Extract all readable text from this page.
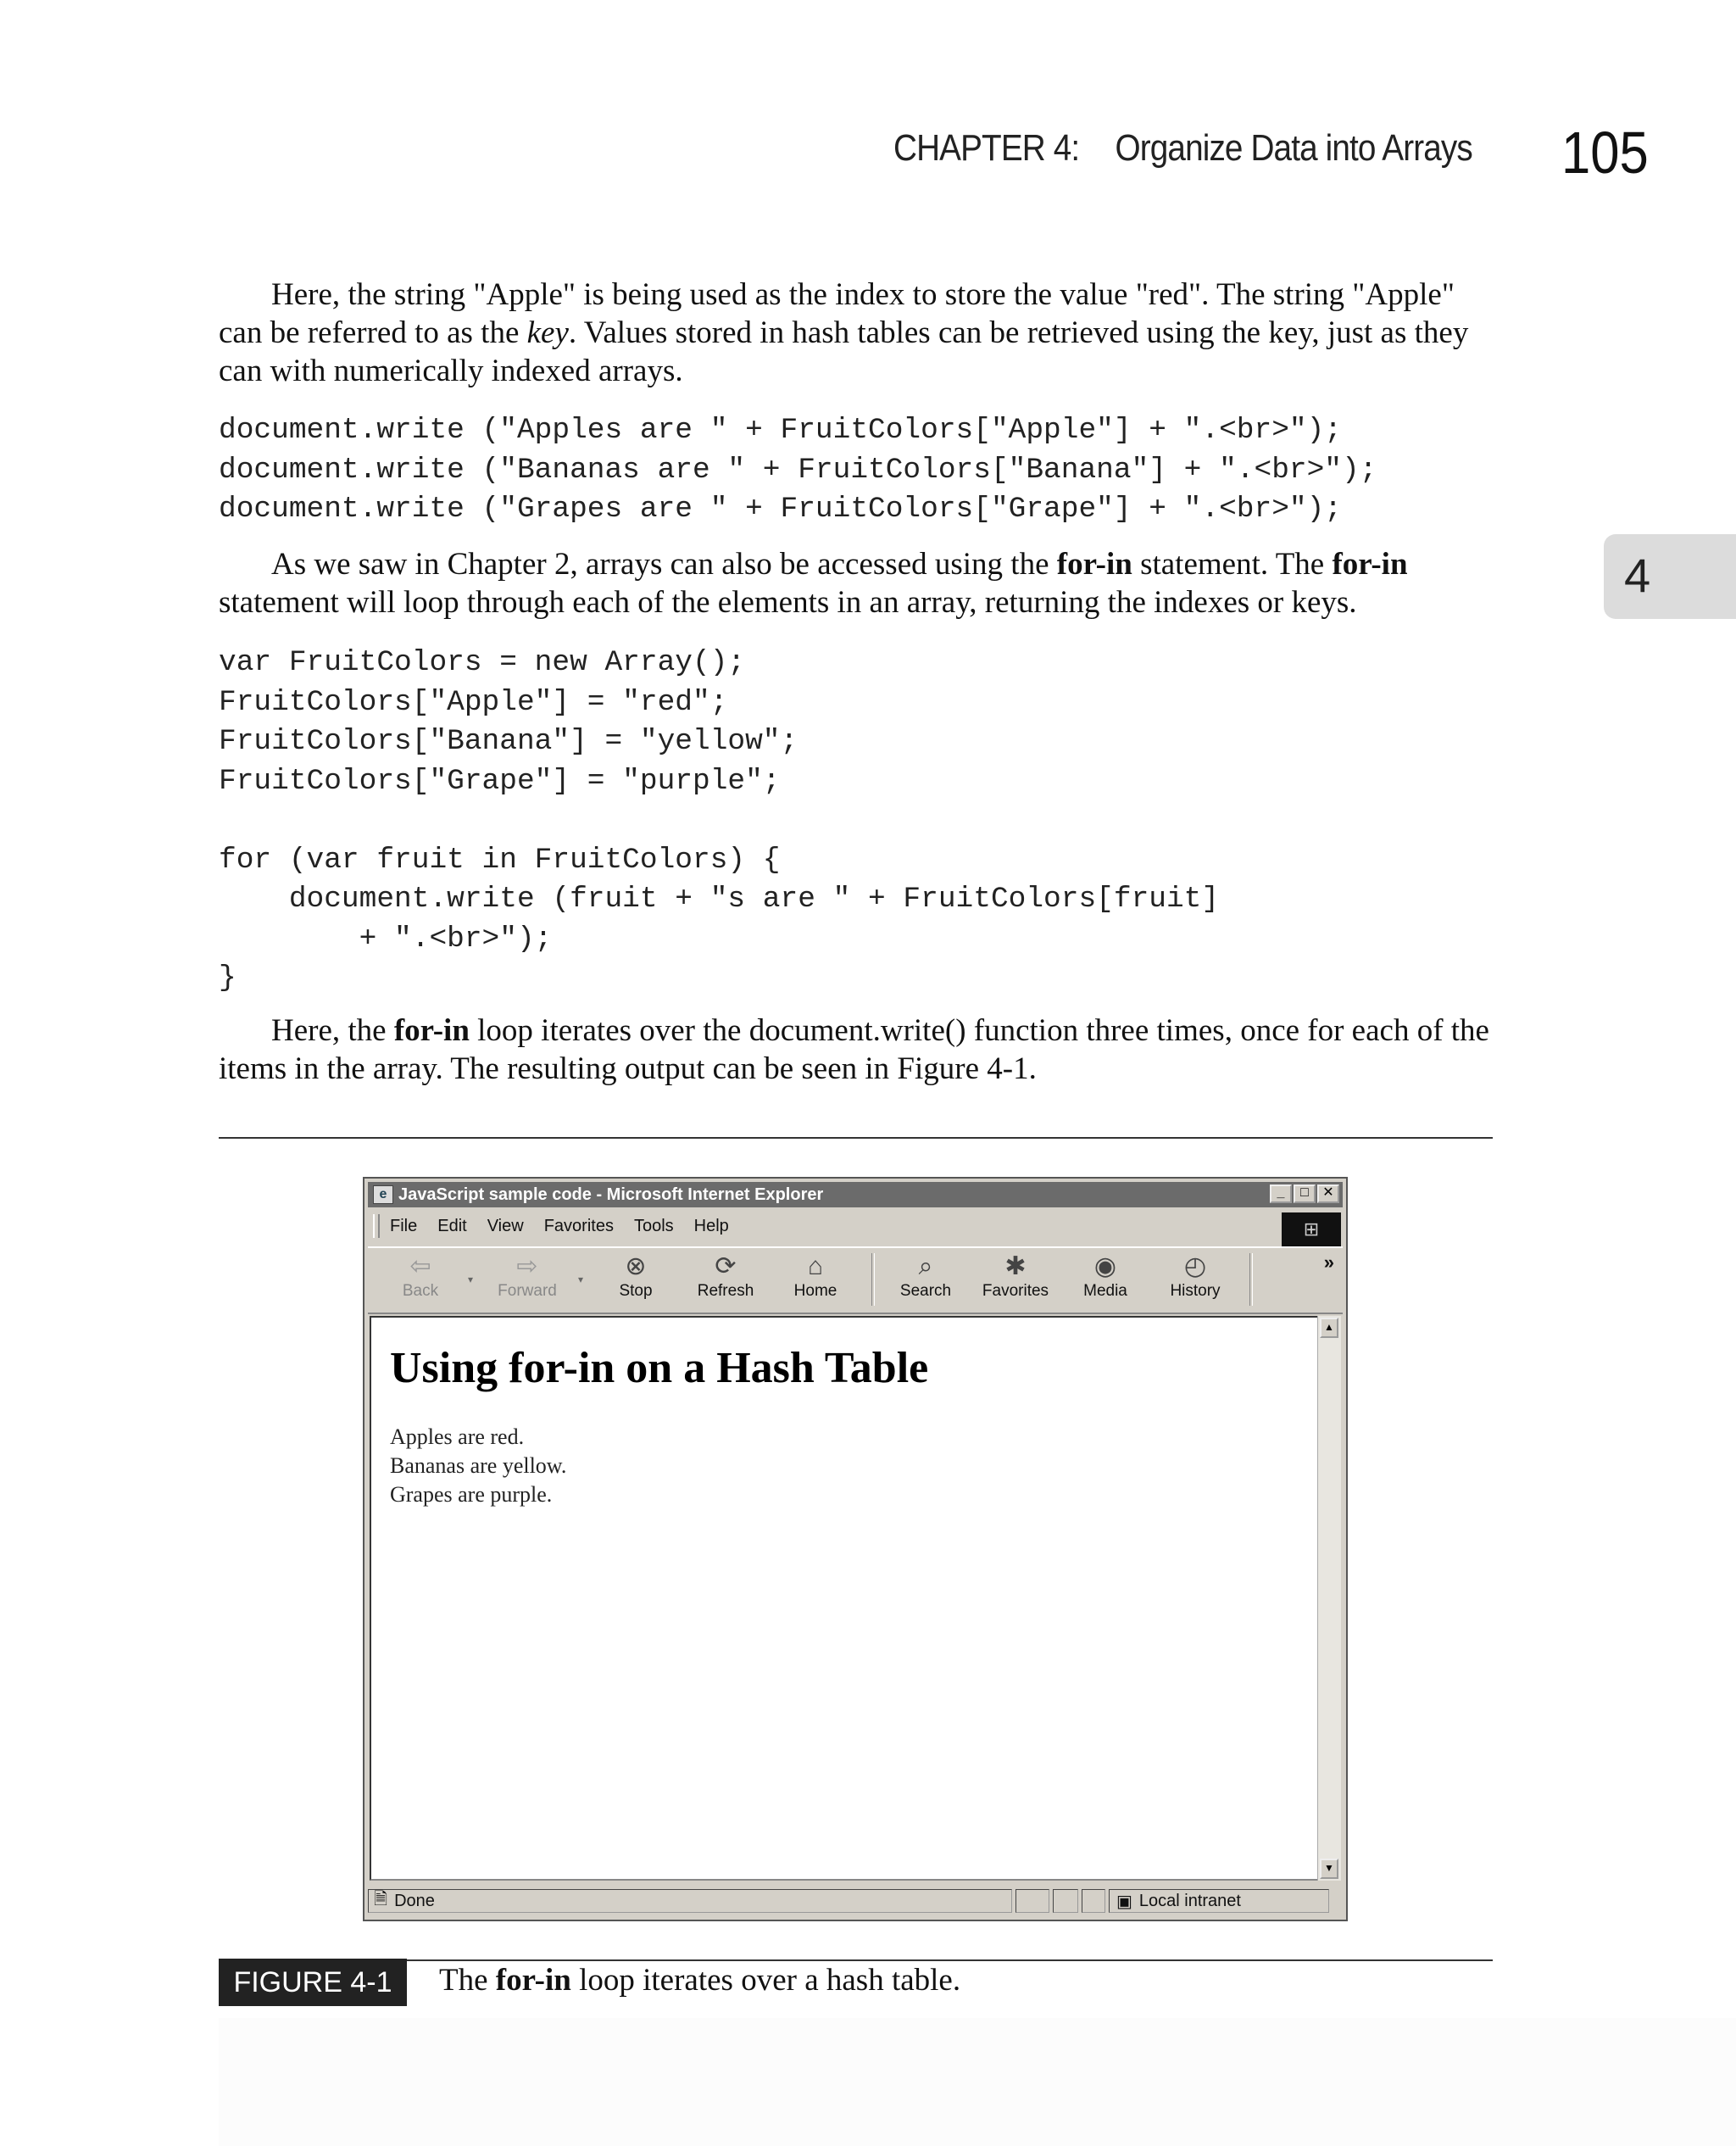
CHAPTER 4: Organize Data into Arrays 105
4

Here, the string "Apple" is being used as the index to store the value "red". The string "Apple" can be referred to as the key. Values stored in hash tables can be retrieved using the key, just as they can with numerically indexed arrays.

document.write ("Apples are " + FruitColors["Apple"] + ".<br>");
document.write ("Bananas are " + FruitColors["Banana"] + ".<br>");
document.write ("Grapes are " + FruitColors["Grape"] + ".<br>");

As we saw in Chapter 2, arrays can also be accessed using the for-in statement. The for-in statement will loop through each of the elements in an array, returning the indexes or keys.

var FruitColors = new Array();
FruitColors["Apple"] = "red";
FruitColors["Banana"] = "yellow";
FruitColors["Grape"] = "purple";
for (var fruit in FruitColors) {
document.write (fruit + "s are " + FruitColors[fruit]
+ ".<br>");
}

Here, the for-in loop iterates over the document.write() function three times, once for each of the items in the array. The resulting output can be seen in Figure 4-1.

e JavaScript sample code - Microsoft Internet Explorer	_	□	✕
File Edit View Favorites Tools Help	⊞
⇦
Back
▾	⇨
Forward
▾	⊗
Stop
⟳
Refresh
⌂
Home
⌕
Search
✱
Favorites
◉
Media
◴
History
»
Using for-in on a Hash Table
Apples are red.
Bananas are yellow.
Grapes are purple.
▲
▼
🗎 Done	▣ Local intranet
FIGURE 4-1	The for-in loop iterates over a hash table.
